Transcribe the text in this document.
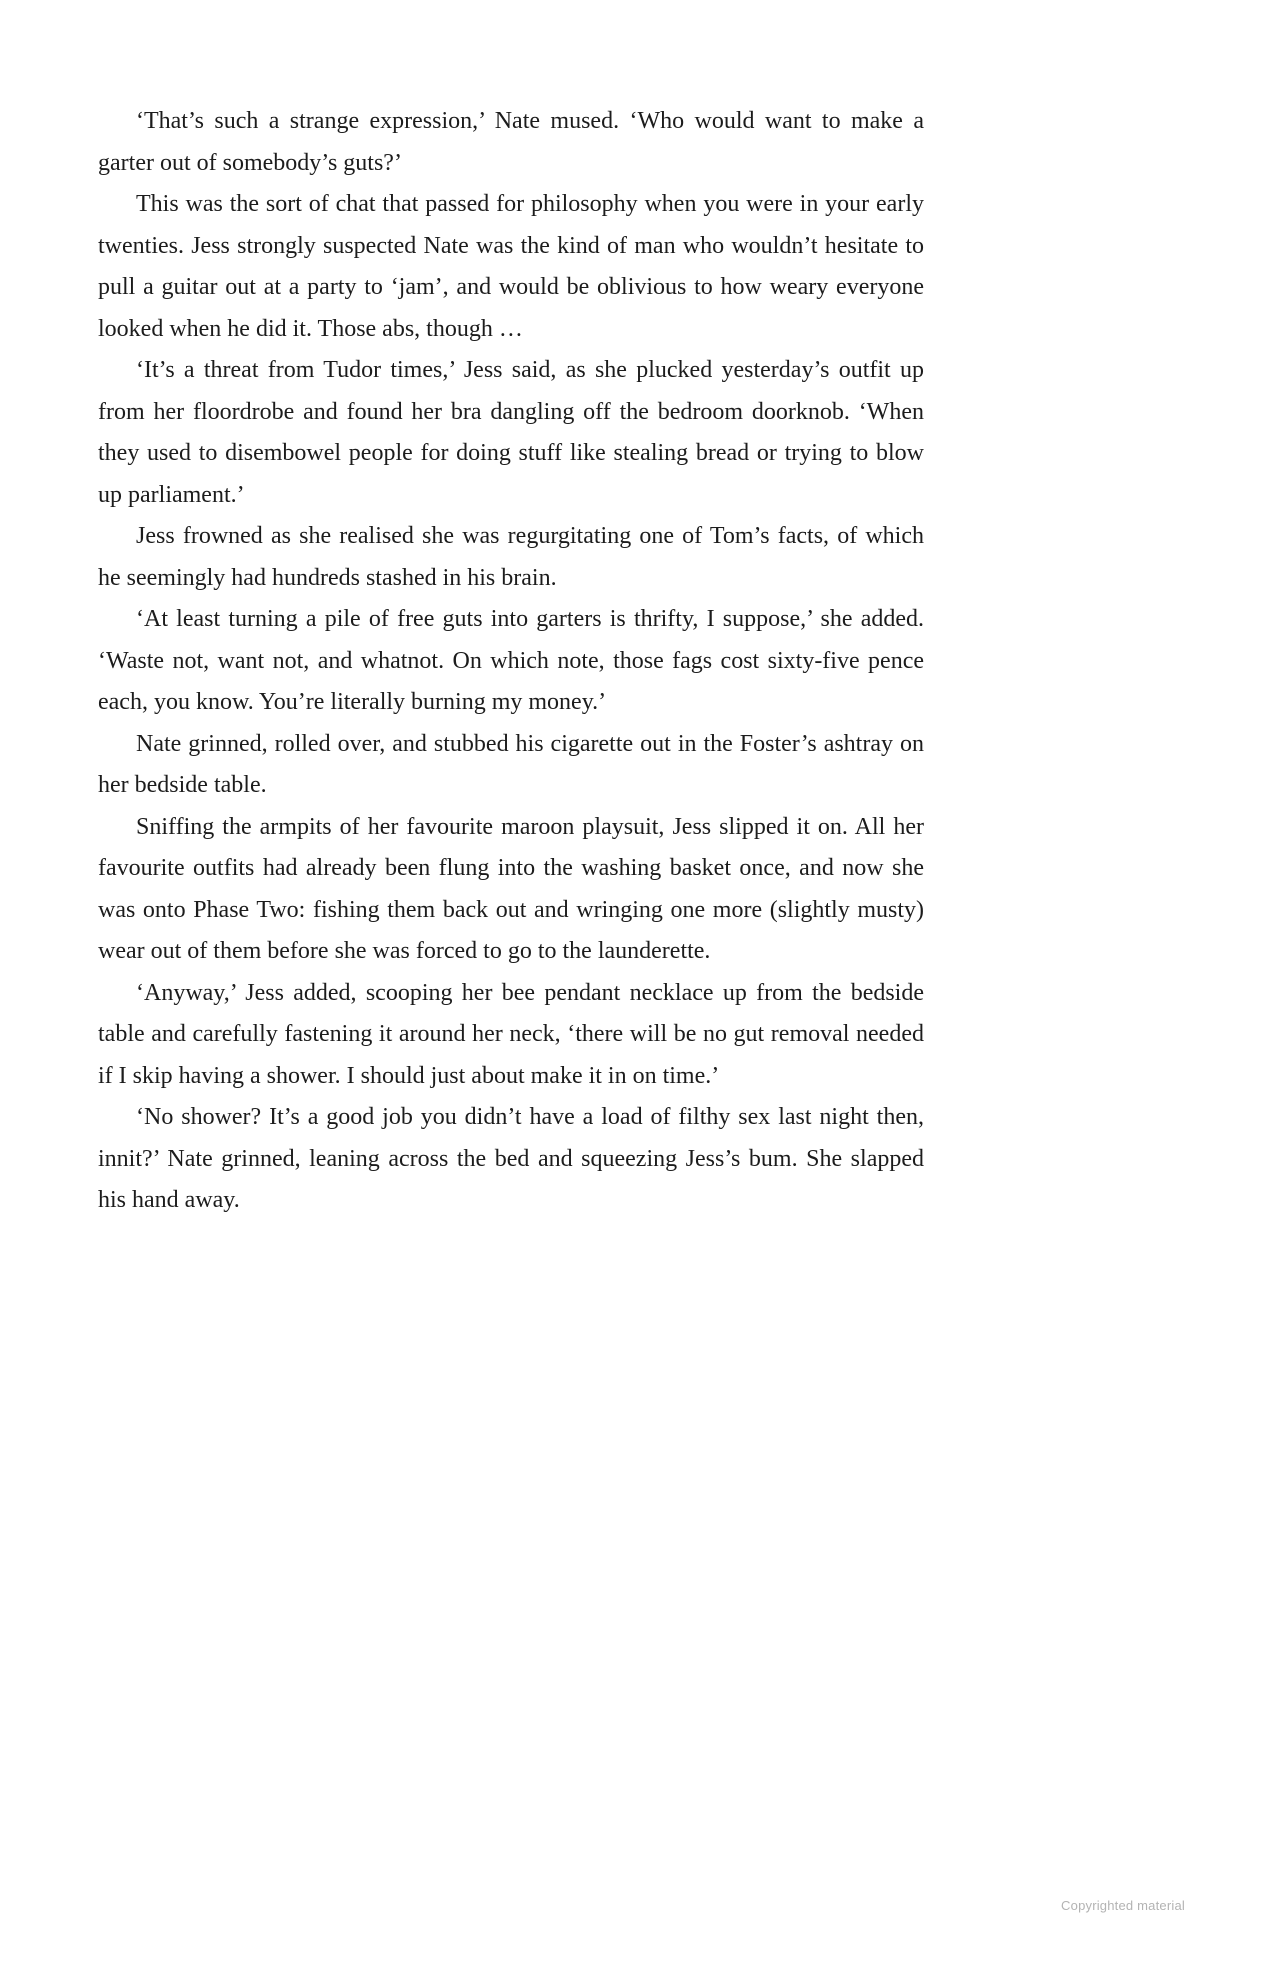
‘That’s such a strange expression,’ Nate mused. ‘Who would want to make a garter out of somebody’s guts?’

This was the sort of chat that passed for philosophy when you were in your early twenties. Jess strongly suspected Nate was the kind of man who wouldn’t hesitate to pull a guitar out at a party to ‘jam’, and would be oblivious to how weary everyone looked when he did it. Those abs, though …

‘It’s a threat from Tudor times,’ Jess said, as she plucked yesterday’s outfit up from her floordrobe and found her bra dangling off the bedroom doorknob. ‘When they used to disembowel people for doing stuff like stealing bread or trying to blow up parliament.’

Jess frowned as she realised she was regurgitating one of Tom’s facts, of which he seemingly had hundreds stashed in his brain.

‘At least turning a pile of free guts into garters is thrifty, I suppose,’ she added. ‘Waste not, want not, and whatnot. On which note, those fags cost sixty-five pence each, you know. You’re literally burning my money.’

Nate grinned, rolled over, and stubbed his cigarette out in the Foster’s ashtray on her bedside table.

Sniffing the armpits of her favourite maroon playsuit, Jess slipped it on. All her favourite outfits had already been flung into the washing basket once, and now she was onto Phase Two: fishing them back out and wringing one more (slightly musty) wear out of them before she was forced to go to the launderette.

‘Anyway,’ Jess added, scooping her bee pendant necklace up from the bedside table and carefully fastening it around her neck, ‘there will be no gut removal needed if I skip having a shower. I should just about make it in on time.’

‘No shower? It’s a good job you didn’t have a load of filthy sex last night then, innit?’ Nate grinned, leaning across the bed and squeezing Jess’s bum. She slapped his hand away.

Copyrighted material
